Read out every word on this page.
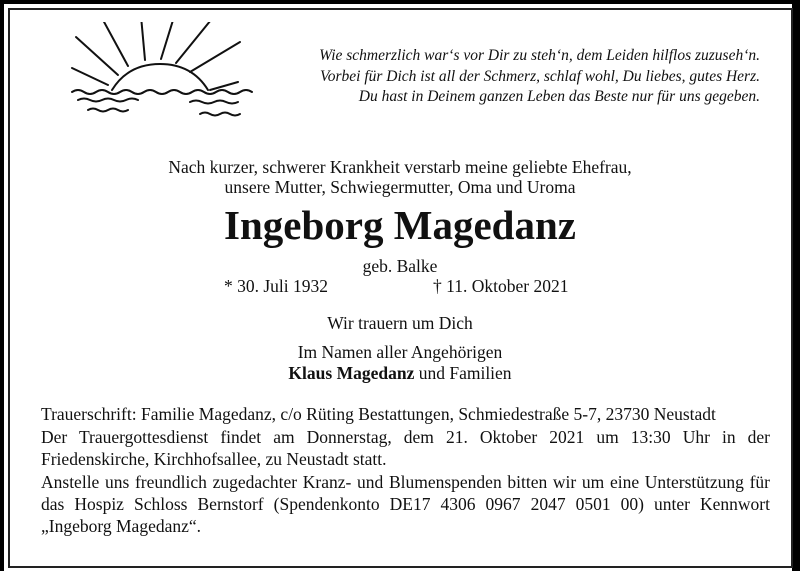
Wie schmerzlich war‘s vor Dir zu steh‘n, dem Leiden hilflos zuzuseh‘n.
Vorbei für Dich ist all der Schmerz, schlaf wohl, Du liebes, gutes Herz.
Du hast in Deinem ganzen Leben das Beste nur für uns gegeben.
Nach kurzer, schwerer Krankheit verstarb meine geliebte Ehefrau,
unsere Mutter, Schwiegermutter, Oma und Uroma
Ingeborg Magedanz
geb. Balke
* 30. Juli 1932	† 11. Oktober 2021
Wir trauern um Dich
Im Namen aller Angehörigen
Klaus Magedanz und Familien

Trauerschrift: Familie Magedanz, c/o Rüting Bestattungen, Schmiedestraße 5-7, 23730 Neustadt

Der Trauergottesdienst findet am Donnerstag, dem 21. Oktober 2021 um 13:30 Uhr in der Friedenskirche, Kirchhofsallee, zu Neustadt statt.

Anstelle uns freundlich zugedachter Kranz- und Blumenspenden bitten wir um eine Unterstützung für das Hospiz Schloss Bernstorf (Spendenkonto DE17 4306 0967 2047 0501 00) unter Kennwort „Ingeborg Magedanz“.
